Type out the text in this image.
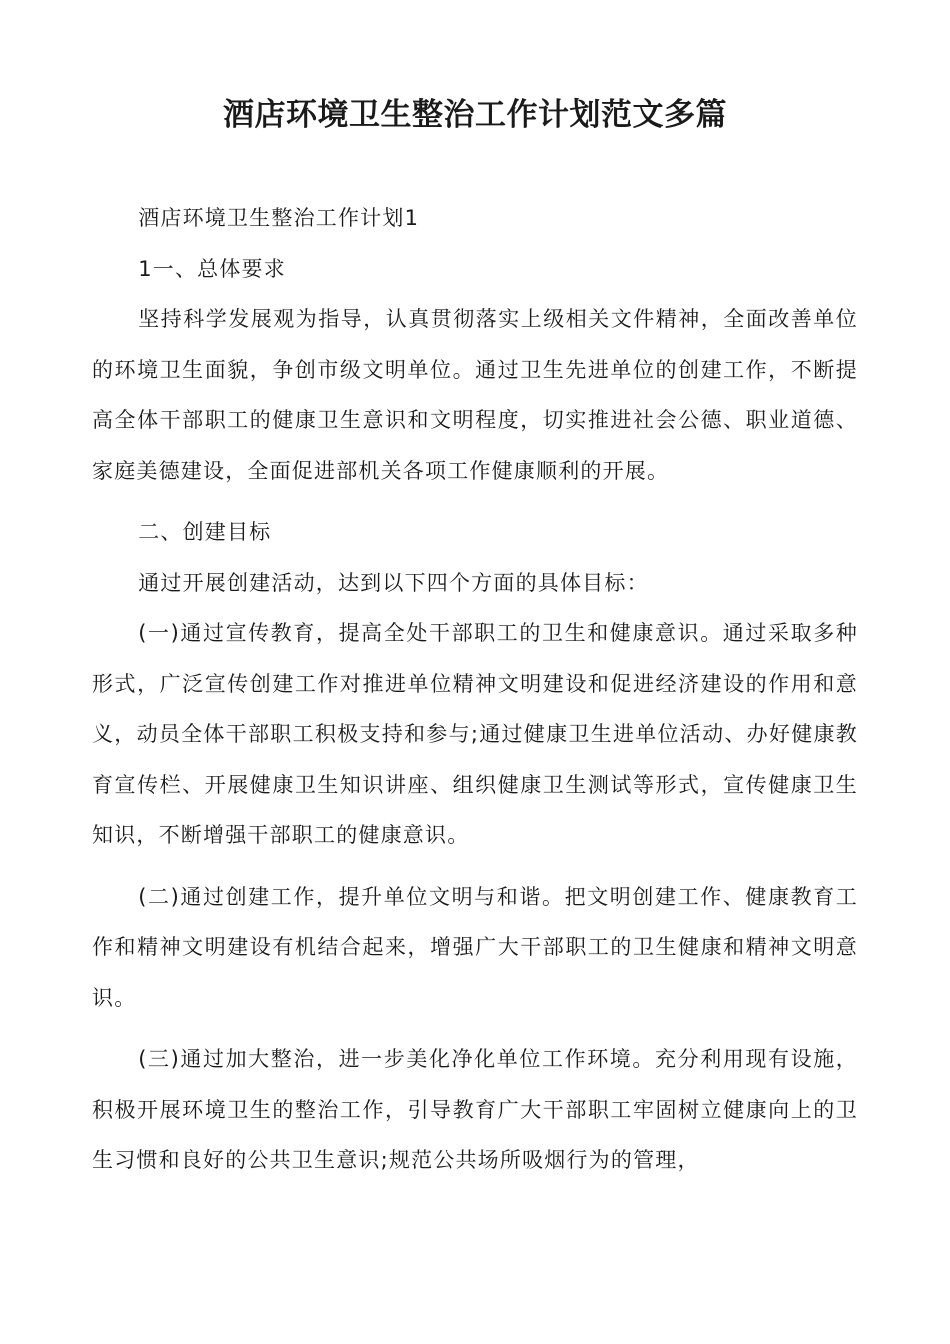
酒店环境卫生整治工作计划范文多篇

酒店环境卫生整治工作计划1

1一、总体要求

坚持科学发展观为指导，认真贯彻落实上级相关文件精神，全面改善单位的环境卫生面貌，争创市级文明单位。通过卫生先进单位的创建工作，不断提高全体干部职工的健康卫生意识和文明程度，切实推进社会公德、职业道德、家庭美德建设，全面促进部机关各项工作健康顺利的开展。

二、创建目标

通过开展创建活动，达到以下四个方面的具体目标：

(一)通过宣传教育，提高全处干部职工的卫生和健康意识。通过采取多种形式，广泛宣传创建工作对推进单位精神文明建设和促进经济建设的作用和意义，动员全体干部职工积极支持和参与;通过健康卫生进单位活动、办好健康教育宣传栏、开展健康卫生知识讲座、组织健康卫生测试等形式，宣传健康卫生知识，不断增强干部职工的健康意识。

(二)通过创建工作，提升单位文明与和谐。把文明创建工作、健康教育工作和精神文明建设有机结合起来，增强广大干部职工的卫生健康和精神文明意识。

(三)通过加大整治，进一步美化净化单位工作环境。充分利用现有设施，积极开展环境卫生的整治工作，引导教育广大干部职工牢固树立健康向上的卫生习惯和良好的公共卫生意识;规范公共场所吸烟行为的管理，
